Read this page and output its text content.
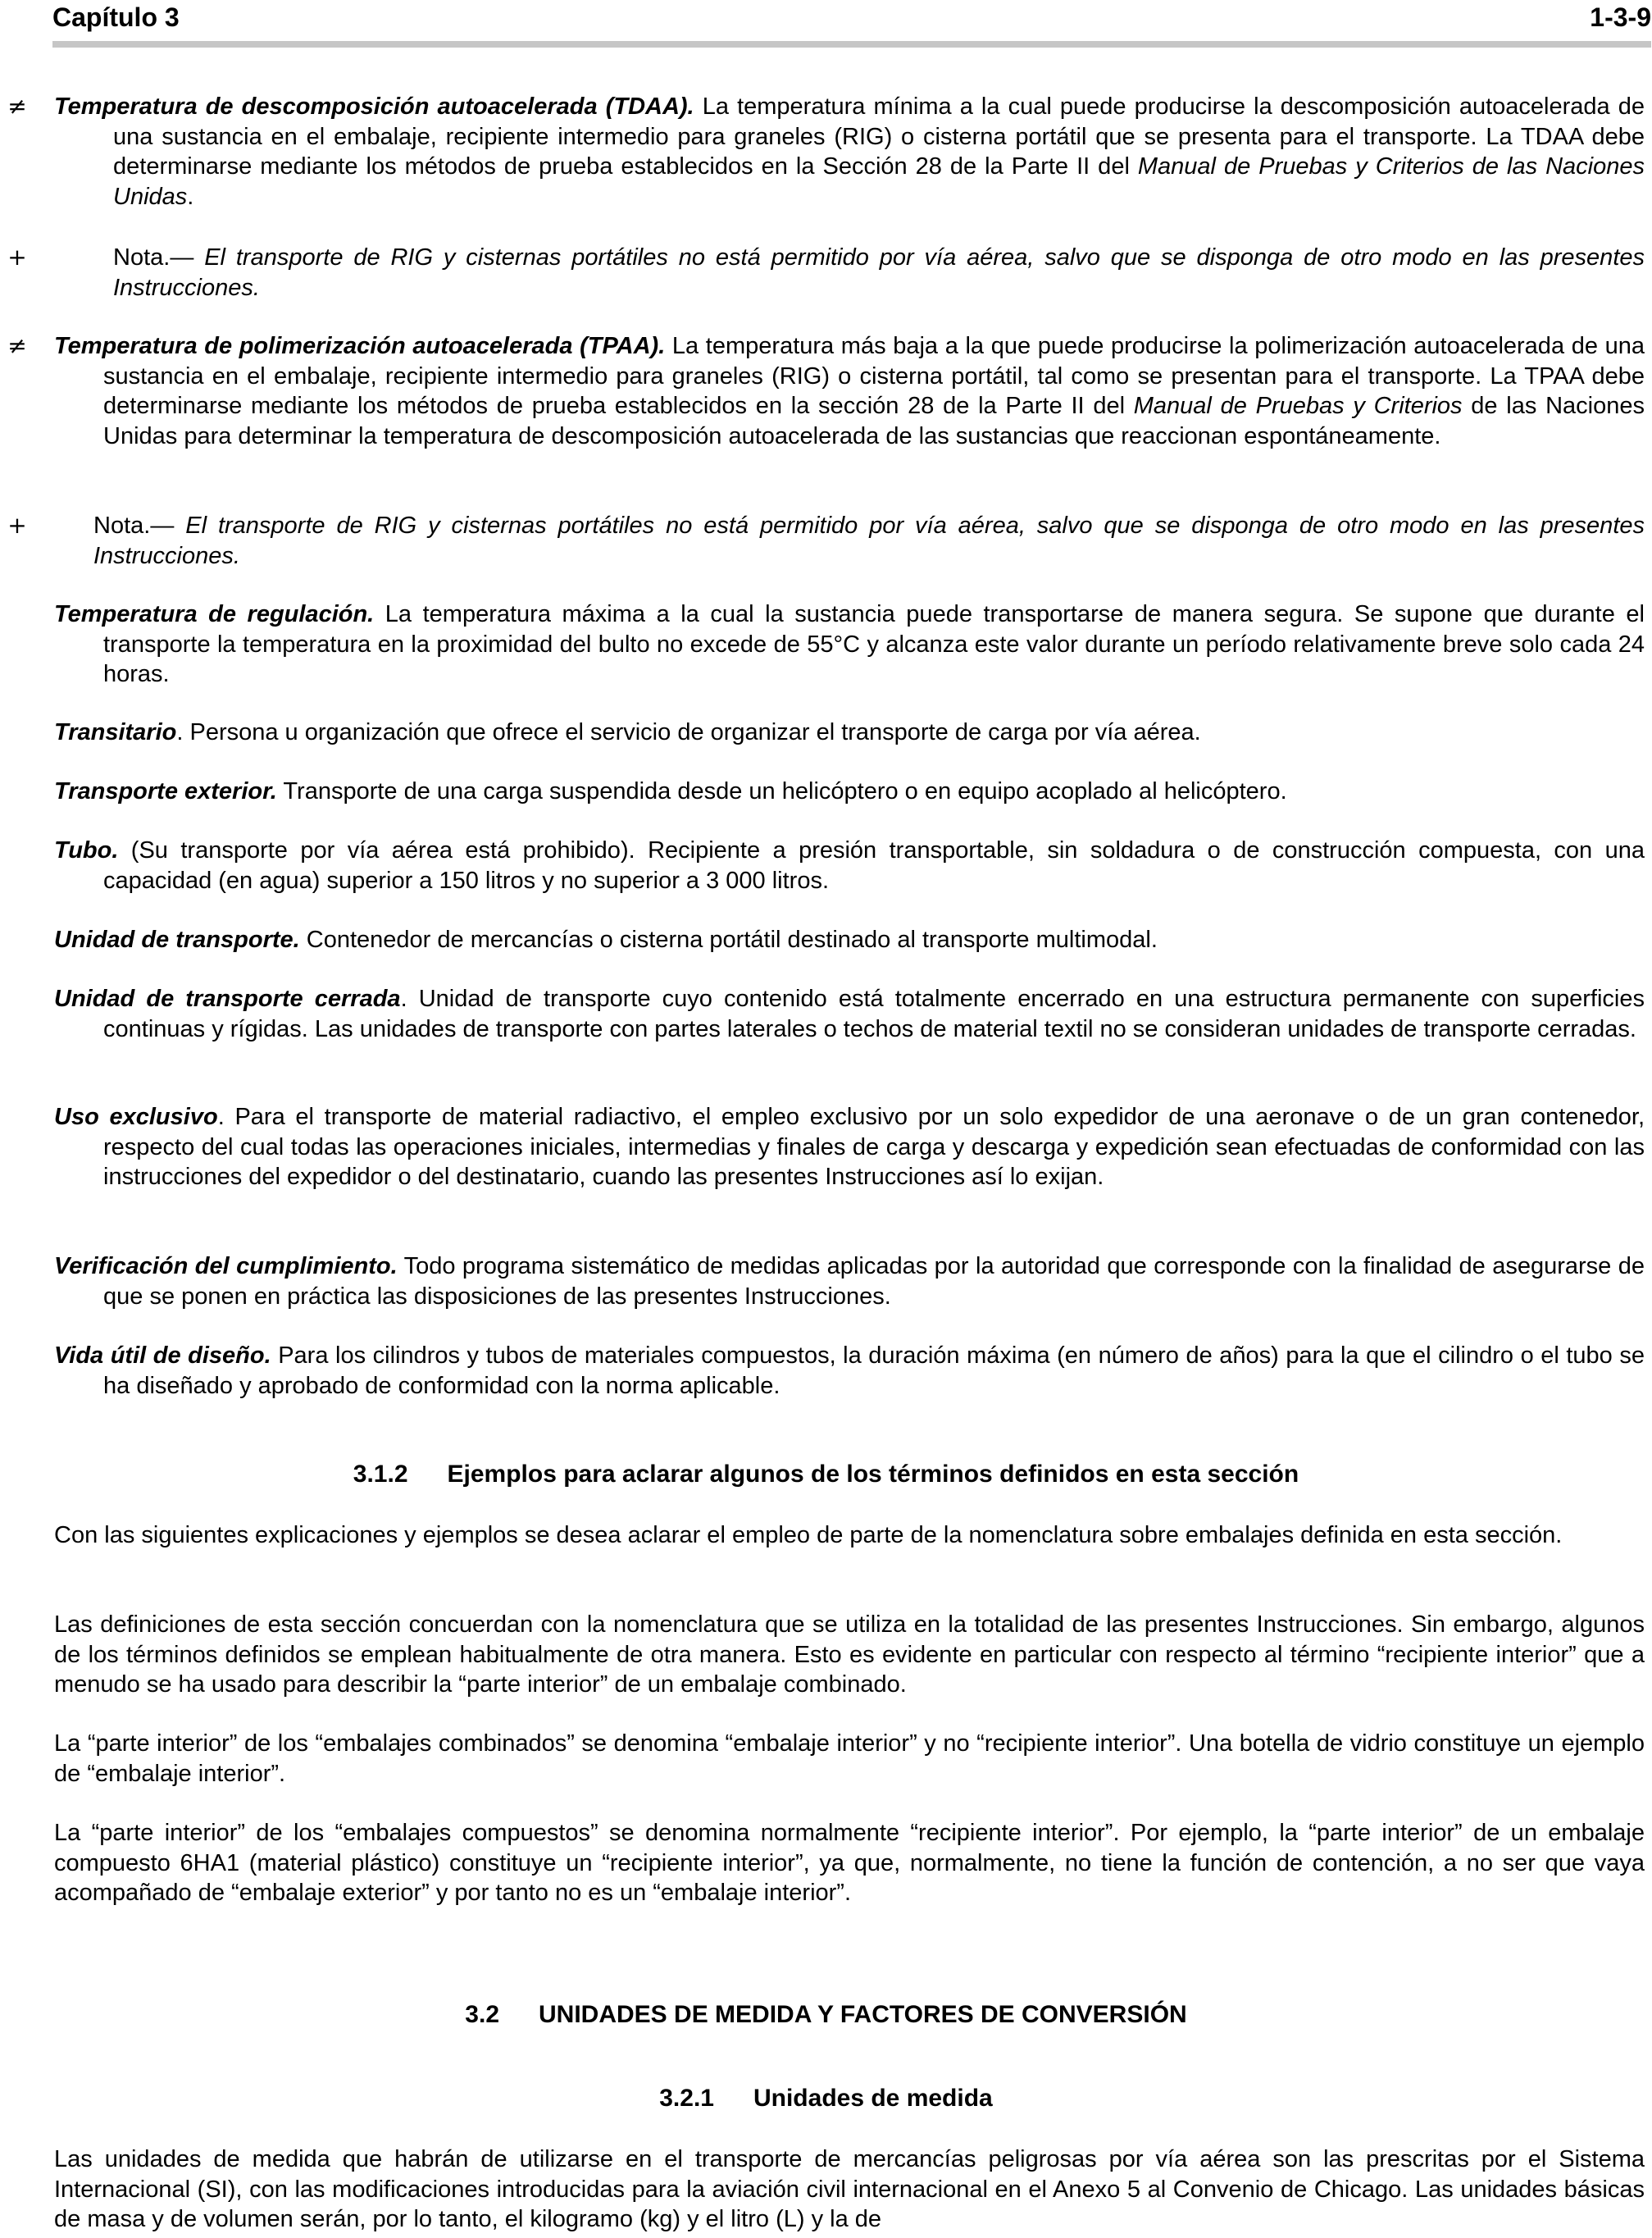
Capítulo 3	1-3-9
≠ Temperatura de descomposición autoacelerada (TDAA). La temperatura mínima a la cual puede producirse la descomposición autoacelerada de una sustancia en el embalaje, recipiente intermedio para graneles (RIG) o cisterna portátil que se presenta para el transporte. La TDAA debe determinarse mediante los métodos de prueba establecidos en la Sección 28 de la Parte II del Manual de Pruebas y Criterios de las Naciones Unidas.
+	Nota.— El transporte de RIG y cisternas portátiles no está permitido por vía aérea, salvo que se disponga de otro modo en las presentes Instrucciones.
≠ Temperatura de polimerización autoacelerada (TPAA). La temperatura más baja a la que puede producirse la polimerización autoacelerada de una sustancia en el embalaje, recipiente intermedio para graneles (RIG) o cisterna portátil, tal como se presentan para el transporte. La TPAA debe determinarse mediante los métodos de prueba establecidos en la sección 28 de la Parte II del Manual de Pruebas y Criterios de las Naciones Unidas para determinar la temperatura de descomposición autoacelerada de las sustancias que reaccionan espontáneamente.
+	Nota.— El transporte de RIG y cisternas portátiles no está permitido por vía aérea, salvo que se disponga de otro modo en las presentes Instrucciones.
Temperatura de regulación. La temperatura máxima a la cual la sustancia puede transportarse de manera segura. Se supone que durante el transporte la temperatura en la proximidad del bulto no excede de 55°C y alcanza este valor durante un período relativamente breve solo cada 24 horas.
Transitario. Persona u organización que ofrece el servicio de organizar el transporte de carga por vía aérea.
Transporte exterior. Transporte de una carga suspendida desde un helicóptero o en equipo acoplado al helicóptero.
Tubo. (Su transporte por vía aérea está prohibido). Recipiente a presión transportable, sin soldadura o de construcción compuesta, con una capacidad (en agua) superior a 150 litros y no superior a 3 000 litros.
Unidad de transporte. Contenedor de mercancías o cisterna portátil destinado al transporte multimodal.
Unidad de transporte cerrada. Unidad de transporte cuyo contenido está totalmente encerrado en una estructura permanente con superficies continuas y rígidas. Las unidades de transporte con partes laterales o techos de material textil no se consideran unidades de transporte cerradas.
Uso exclusivo. Para el transporte de material radiactivo, el empleo exclusivo por un solo expedidor de una aeronave o de un gran contenedor, respecto del cual todas las operaciones iniciales, intermedias y finales de carga y descarga y expedición sean efectuadas de conformidad con las instrucciones del expedidor o del destinatario, cuando las presentes Instrucciones así lo exijan.
Verificación del cumplimiento. Todo programa sistemático de medidas aplicadas por la autoridad que corresponde con la finalidad de asegurarse de que se ponen en práctica las disposiciones de las presentes Instrucciones.
Vida útil de diseño. Para los cilindros y tubos de materiales compuestos, la duración máxima (en número de años) para la que el cilindro o el tubo se ha diseñado y aprobado de conformidad con la norma aplicable.
3.1.2 Ejemplos para aclarar algunos de los términos definidos en esta sección
Con las siguientes explicaciones y ejemplos se desea aclarar el empleo de parte de la nomenclatura sobre embalajes definida en esta sección.
Las definiciones de esta sección concuerdan con la nomenclatura que se utiliza en la totalidad de las presentes Instrucciones. Sin embargo, algunos de los términos definidos se emplean habitualmente de otra manera. Esto es evidente en particular con respecto al término “recipiente interior” que a menudo se ha usado para describir la “parte interior” de un embalaje combinado.
La “parte interior” de los “embalajes combinados” se denomina “embalaje interior” y no “recipiente interior”. Una botella de vidrio constituye un ejemplo de “embalaje interior”.
La “parte interior” de los “embalajes compuestos” se denomina normalmente “recipiente interior”. Por ejemplo, la “parte interior” de un embalaje compuesto 6HA1 (material plástico) constituye un “recipiente interior”, ya que, normalmente, no tiene la función de contención, a no ser que vaya acompañado de “embalaje exterior” y por tanto no es un “embalaje interior”.
3.2 UNIDADES DE MEDIDA Y FACTORES DE CONVERSIÓN
3.2.1 Unidades de medida
Las unidades de medida que habrán de utilizarse en el transporte de mercancías peligrosas por vía aérea son las prescritas por el Sistema Internacional (SI), con las modificaciones introducidas para la aviación civil internacional en el Anexo 5 al Convenio de Chicago. Las unidades básicas de masa y de volumen serán, por lo tanto, el kilogramo (kg) y el litro (L) y la de
